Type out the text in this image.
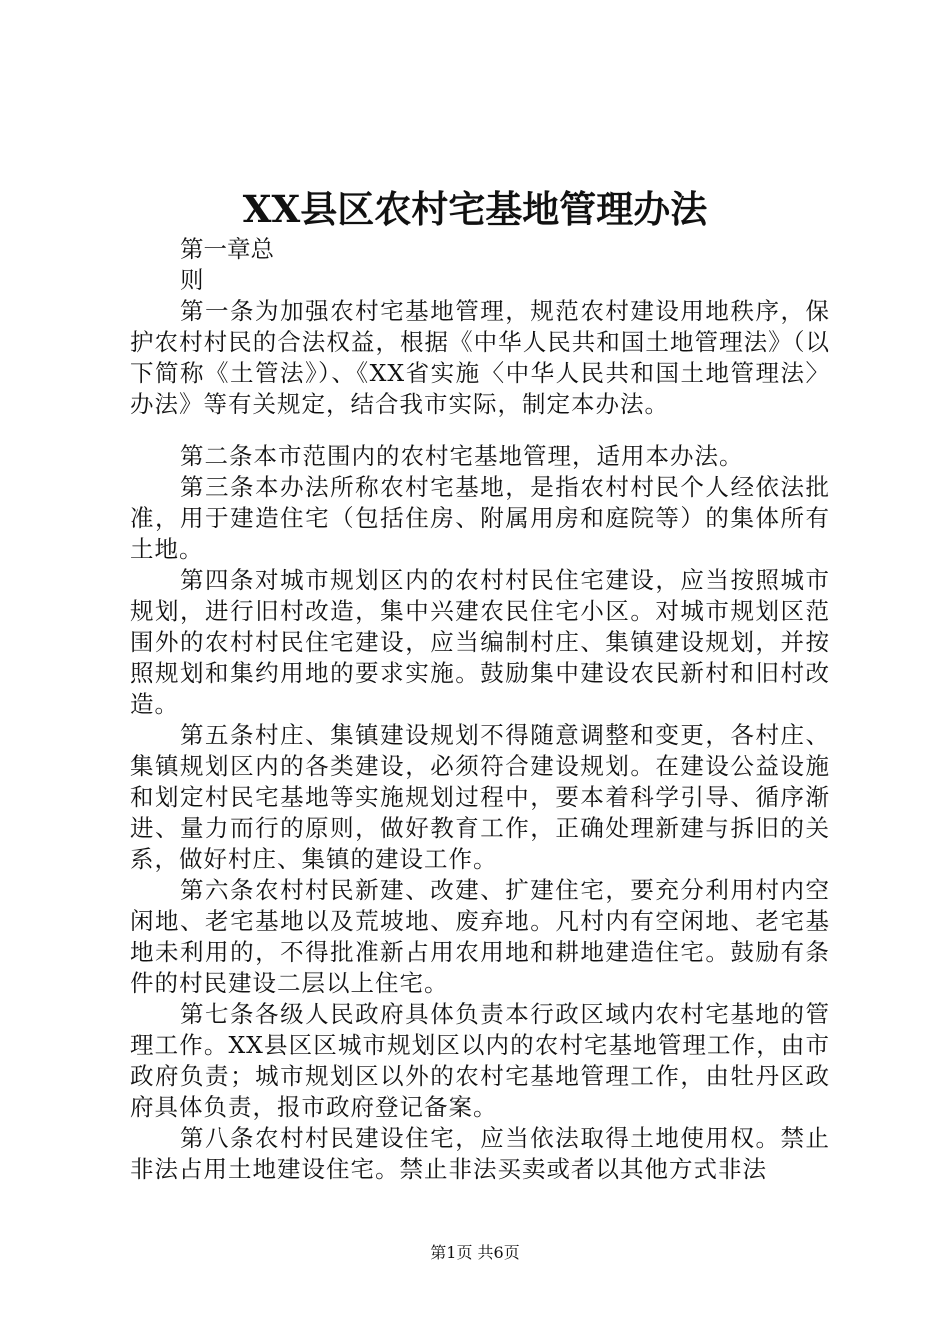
XX县区农村宅基地管理办法

第一章总

则

第一条为加强农村宅基地管理，规范农村建设用地秩序，保护农村村民的合法权益，根据《中华人民共和国土地管理法》（以下简称《土管法》）、《XX省实施〈中华人民共和国土地管理法〉办法》等有关规定，结合我市实际，制定本办法。

第二条本市范围内的农村宅基地管理，适用本办法。

第三条本办法所称农村宅基地，是指农村村民个人经依法批准，用于建造住宅（包括住房、附属用房和庭院等）的集体所有土地。

第四条对城市规划区内的农村村民住宅建设，应当按照城市规划，进行旧村改造，集中兴建农民住宅小区。对城市规划区范围外的农村村民住宅建设，应当编制村庄、集镇建设规划，并按照规划和集约用地的要求实施。鼓励集中建设农民新村和旧村改造。

第五条村庄、集镇建设规划不得随意调整和变更，各村庄、集镇规划区内的各类建设，必须符合建设规划。在建设公益设施和划定村民宅基地等实施规划过程中，要本着科学引导、循序渐进、量力而行的原则，做好教育工作，正确处理新建与拆旧的关系，做好村庄、集镇的建设工作。

第六条农村村民新建、改建、扩建住宅，要充分利用村内空闲地、老宅基地以及荒坡地、废弃地。凡村内有空闲地、老宅基地未利用的，不得批准新占用农用地和耕地建造住宅。鼓励有条件的村民建设二层以上住宅。

第七条各级人民政府具体负责本行政区域内农村宅基地的管理工作。XX县区区城市规划区以内的农村宅基地管理工作，由市政府负责；城市规划区以外的农村宅基地管理工作，由牡丹区政府具体负责，报市政府登记备案。

第八条农村村民建设住宅，应当依法取得土地使用权。禁止非法占用土地建设住宅。禁止非法买卖或者以其他方式非法

第1页 共6页
